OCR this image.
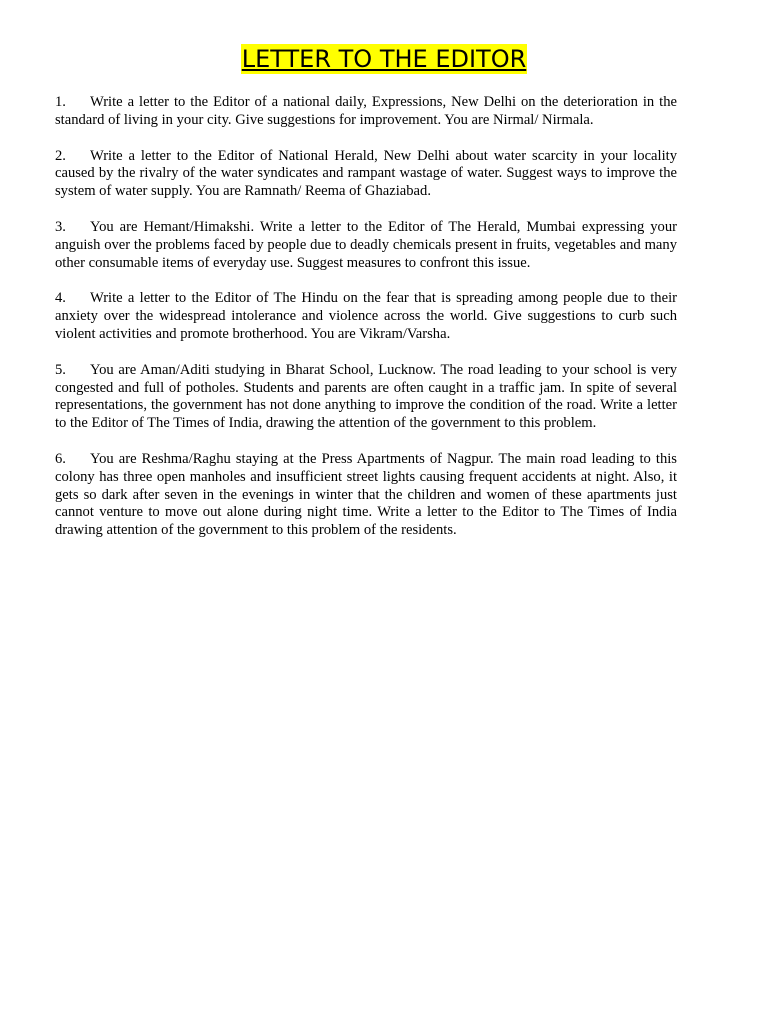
LETTER TO THE EDITOR

1. Write a letter to the Editor of a national daily, Expressions, New Delhi on the deterioration in the standard of living in your city. Give suggestions for improvement. You are Nirmal/ Nirmala.

2. Write a letter to the Editor of National Herald, New Delhi about water scarcity in your locality caused by the rivalry of the water syndicates and rampant wastage of water. Suggest ways to improve the system of water supply. You are Ramnath/ Reema of Ghaziabad.

3. You are Hemant/Himakshi. Write a letter to the Editor of The Herald, Mumbai expressing your anguish over the problems faced by people due to deadly chemicals present in fruits, vegetables and many other consumable items of everyday use. Suggest measures to confront this issue.

4. Write a letter to the Editor of The Hindu on the fear that is spreading among people due to their anxiety over the widespread intolerance and violence across the world. Give suggestions to curb such violent activities and promote brotherhood. You are Vikram/Varsha.

5. You are Aman/Aditi studying in Bharat School, Lucknow. The road leading to your school is very congested and full of potholes. Students and parents are often caught in a traffic jam. In spite of several representations, the government has not done anything to improve the condition of the road. Write a letter to the Editor of The Times of India, drawing the attention of the government to this problem.

6. You are Reshma/Raghu staying at the Press Apartments of Nagpur. The main road leading to this colony has three open manholes and insufficient street lights causing frequent accidents at night. Also, it gets so dark after seven in the evenings in winter that the children and women of these apartments just cannot venture to move out alone during night time. Write a letter to the Editor to The Times of India drawing attention of the government to this problem of the residents.
